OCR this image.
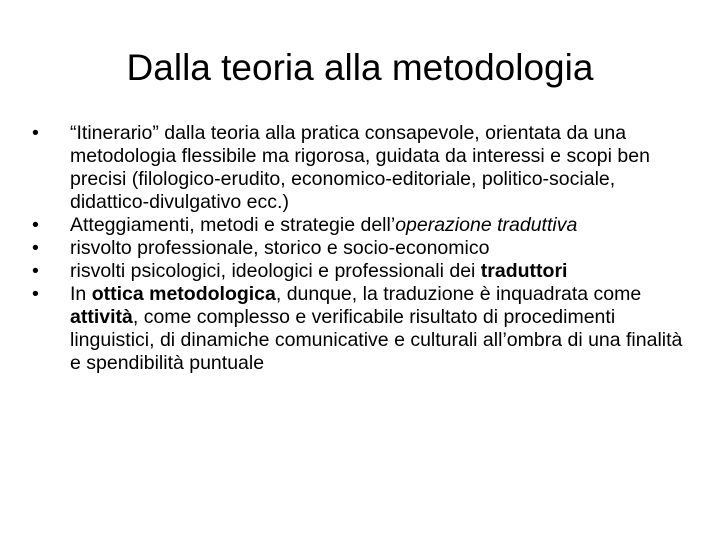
Dalla teoria alla metodologia
•	“Itinerario” dalla teoria alla pratica consapevole, orientata da una metodologia flessibile ma rigorosa, guidata da interessi e scopi ben precisi (filologico-erudito, economico-editoriale, politico-sociale, didattico-divulgativo ecc.)
•	Atteggiamenti, metodi e strategie dell’operazione traduttiva
•	risvolto professionale, storico e socio-economico
•	risvolti psicologici, ideologici e professionali dei traduttori
•	In ottica metodologica, dunque, la traduzione è inquadrata come attività, come complesso e verificabile risultato di procedimenti linguistici, di dinamiche comunicative e culturali all’ombra di una finalità e spendibilità puntuale
